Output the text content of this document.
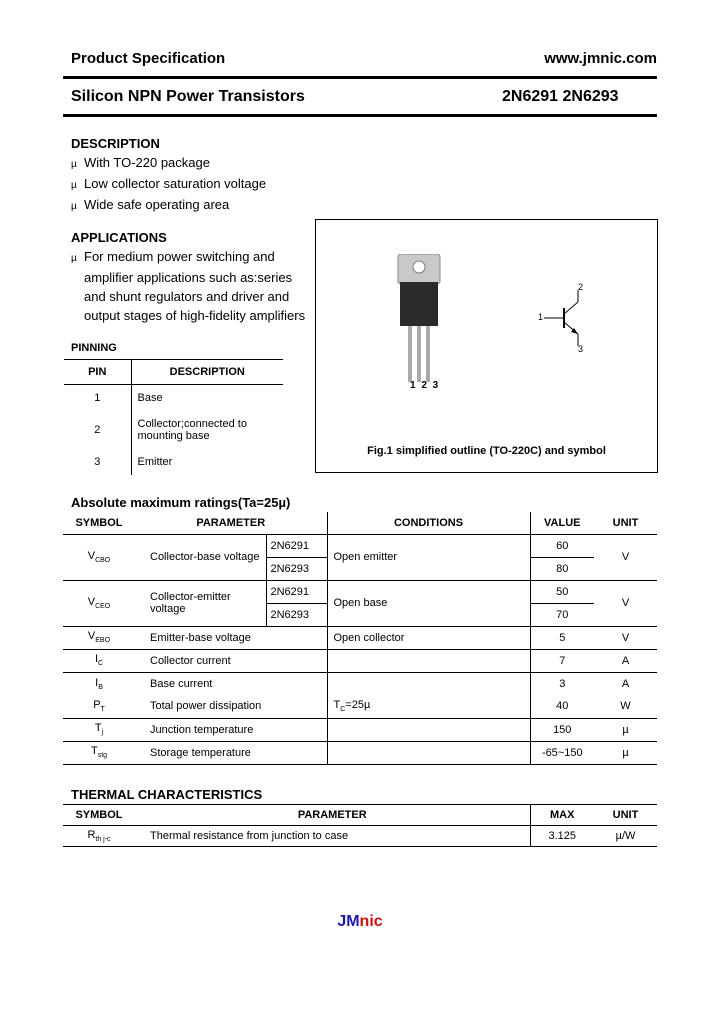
Product Specification	www.jmnic.com
Silicon NPN Power Transistors	2N6291 2N6293
DESCRIPTION
µ With TO-220 package
µ Low collector saturation voltage
µ Wide safe operating area
APPLICATIONS
µ For medium power switching and
amplifier applications such as:series
and shunt regulators and driver and
output stages of high-fidelity amplifiers
PINNING
PIN	DESCRIPTION
1	Base
2	Collector;connected to
mounting base
3	Emitter
1 2 3
1
2
3
Fig.1 simplified outline (TO-220C) and symbol
Absolute maximum ratings(Ta=25µ)
SYMBOL	PARAMETER		CONDITIONS	VALUE	UNIT
$V_{CBO}$	Collector-base voltage	2N6291	Open emitter	60	V
		2N6293		80	
$V_{CEO}$	Collector-emitter voltage	2N6291	Open base	50	V
		2N6293		70	
$V_{EBO}$	Emitter-base voltage		Open collector	5	V
$I_C$	Collector current			7	A
$I_B$	Base current			3	A
$P_T$	Total power dissipation		$T_C=25\mu$	40	W
$T_j$	Junction temperature			150	µ
$T_{stg}$	Storage temperature			-65~150	µ
THERMAL CHARACTERISTICS
SYMBOL	PARAMETER	MAX	UNIT
$R_{th j-c}$	Thermal resistance from junction to case	3.125	µ/W
JMnic
